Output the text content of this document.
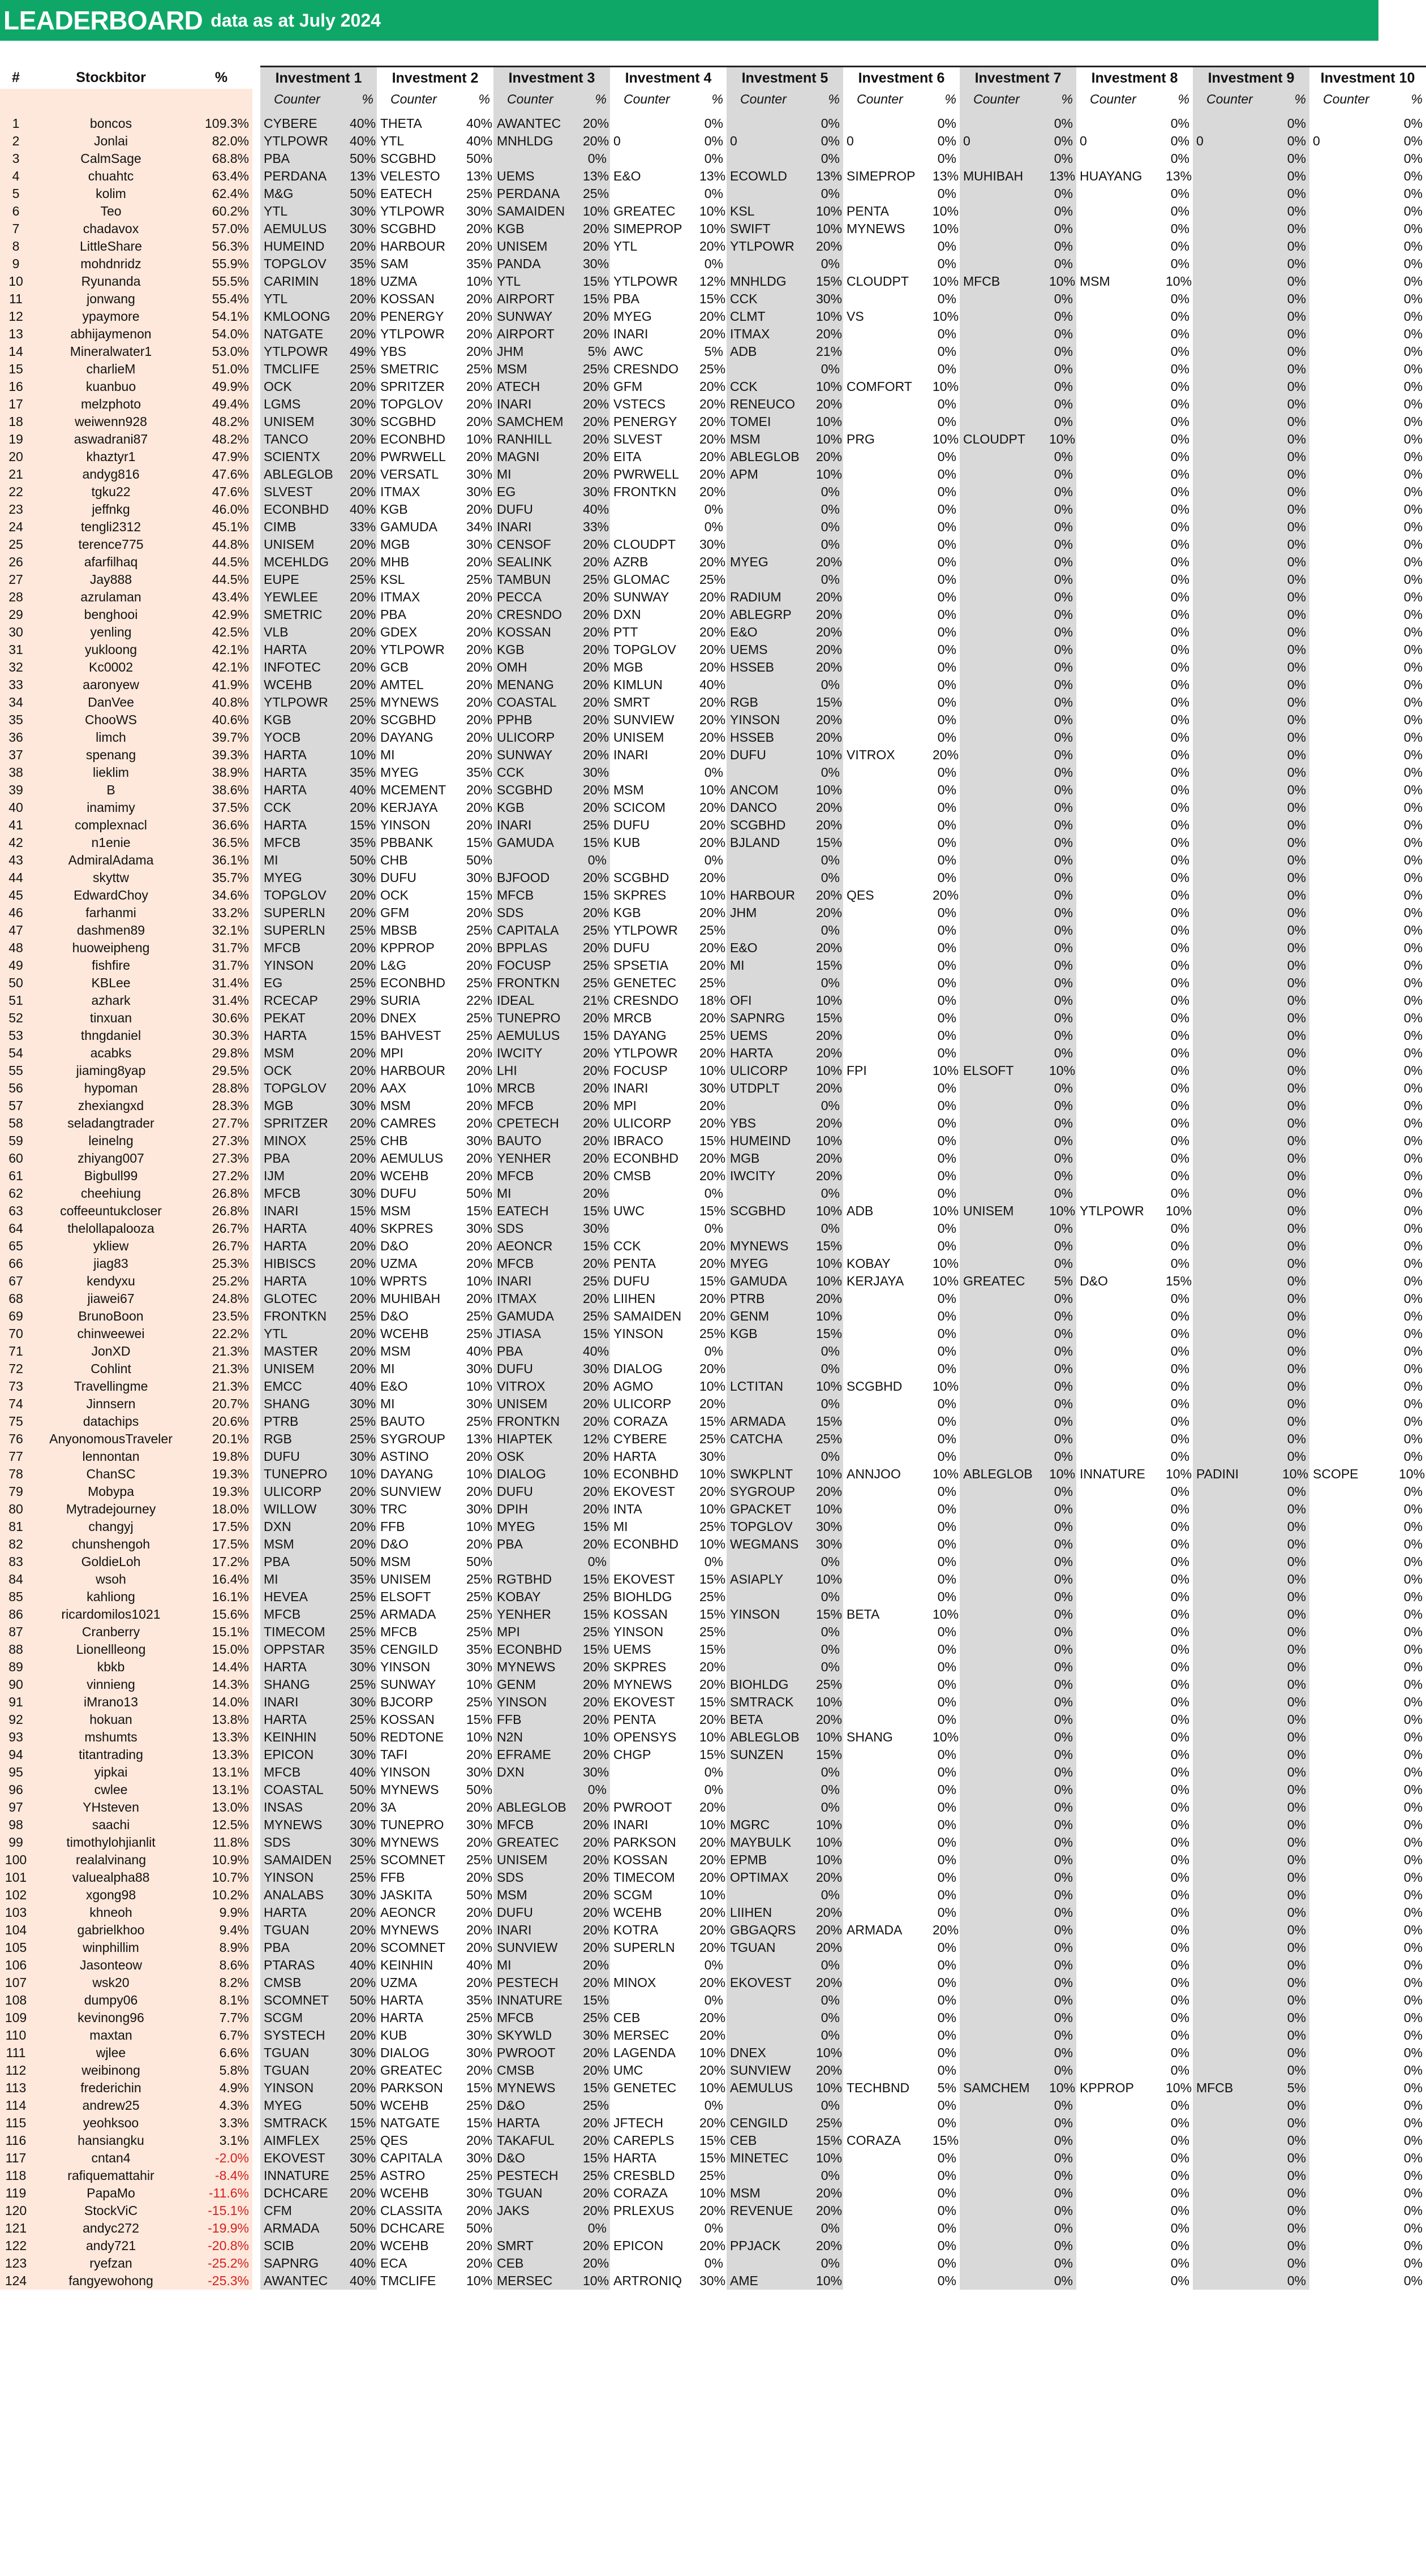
LEADERBOARD data as at July 2024
#	Stockbitor	%		Investment 1		Investment 2		Investment 3		Investment 4		Investment 5		Investment 6		Investment 7		Investment 8		Investment 9		Investment 10	
				Counter	%	Counter	%	Counter	%	Counter	%	Counter	%	Counter	%	Counter	%	Counter	%	Counter	%	Counter	%

1	boncos	109.3%		CYBERE	40%	THETA	40%	AWANTEC	20%		0%		0%		0%		0%		0%		0%		0%
2	Jonlai	82.0%		YTLPOWR	40%	YTL	40%	MNHLDG	20%	0	0%	0	0%	0	0%	0	0%	0	0%	0	0%	0	0%
3	CalmSage	68.8%		PBA	50%	SCGBHD	50%		0%		0%		0%		0%		0%		0%		0%		0%
4	chuahtc	63.4%		PERDANA	13%	VELESTO	13%	UEMS	13%	E&O	13%	ECOWLD	13%	SIMEPROP	13%	MUHIBAH	13%	HUAYANG	13%		0%		0%
5	kolim	62.4%		M&G	50%	EATECH	25%	PERDANA	25%		0%		0%		0%		0%		0%		0%		0%
6	Teo	60.2%		YTL	30%	YTLPOWR	30%	SAMAIDEN	10%	GREATEC	10%	KSL	10%	PENTA	10%		0%		0%		0%		0%
7	chadavox	57.0%		AEMULUS	30%	SCGBHD	20%	KGB	20%	SIMEPROP	10%	SWIFT	10%	MYNEWS	10%		0%		0%		0%		0%
8	LittleShare	56.3%		HUMEIND	20%	HARBOUR	20%	UNISEM	20%	YTL	20%	YTLPOWR	20%		0%		0%		0%		0%		0%
9	mohdnridz	55.9%		TOPGLOV	35%	SAM	35%	PANDA	30%		0%		0%		0%		0%		0%		0%		0%
10	Ryunanda	55.5%		CARIMIN	18%	UZMA	10%	YTL	15%	YTLPOWR	12%	MNHLDG	15%	CLOUDPT	10%	MFCB	10%	MSM	10%		0%		0%
11	jonwang	55.4%		YTL	20%	KOSSAN	20%	AIRPORT	15%	PBA	15%	CCK	30%		0%		0%		0%		0%		0%
12	ypaymore	54.1%		KMLOONG	20%	PENERGY	20%	SUNWAY	20%	MYEG	20%	CLMT	10%	VS	10%		0%		0%		0%		0%
13	abhijaymenon	54.0%		NATGATE	20%	YTLPOWR	20%	AIRPORT	20%	INARI	20%	ITMAX	20%		0%		0%		0%		0%		0%
14	Mineralwater1	53.0%		YTLPOWR	49%	YBS	20%	JHM	5%	AWC	5%	ADB	21%		0%		0%		0%		0%		0%
15	charlieM	51.0%		TMCLIFE	25%	SMETRIC	25%	MSM	25%	CRESNDO	25%		0%		0%		0%		0%		0%		0%
16	kuanbuo	49.9%		OCK	20%	SPRITZER	20%	ATECH	20%	GFM	20%	CCK	10%	COMFORT	10%		0%		0%		0%		0%
17	melzphoto	49.4%		LGMS	20%	TOPGLOV	20%	INARI	20%	VSTECS	20%	RENEUCO	20%		0%		0%		0%		0%		0%
18	weiwenn928	48.2%		UNISEM	30%	SCGBHD	20%	SAMCHEM	20%	PENERGY	20%	TOMEI	10%		0%		0%		0%		0%		0%
19	aswadrani87	48.2%		TANCO	20%	ECONBHD	10%	RANHILL	20%	SLVEST	20%	MSM	10%	PRG	10%	CLOUDPT	10%		0%		0%		0%
20	khaztyr1	47.9%		SCIENTX	20%	PWRWELL	20%	MAGNI	20%	EITA	20%	ABLEGLOB	20%		0%		0%		0%		0%		0%
21	andyg816	47.6%		ABLEGLOB	20%	VERSATL	30%	MI	20%	PWRWELL	20%	APM	10%		0%		0%		0%		0%		0%
22	tgku22	47.6%		SLVEST	20%	ITMAX	30%	EG	30%	FRONTKN	20%		0%		0%		0%		0%		0%		0%
23	jeffnkg	46.0%		ECONBHD	40%	KGB	20%	DUFU	40%		0%		0%		0%		0%		0%		0%		0%
24	tengli2312	45.1%		CIMB	33%	GAMUDA	34%	INARI	33%		0%		0%		0%		0%		0%		0%		0%
25	terence775	44.8%		UNISEM	20%	MGB	30%	CENSOF	20%	CLOUDPT	30%		0%		0%		0%		0%		0%		0%
26	afarfilhaq	44.5%		MCEHLDG	20%	MHB	20%	SEALINK	20%	AZRB	20%	MYEG	20%		0%		0%		0%		0%		0%
27	Jay888	44.5%		EUPE	25%	KSL	25%	TAMBUN	25%	GLOMAC	25%		0%		0%		0%		0%		0%		0%
28	azrulaman	43.4%		YEWLEE	20%	ITMAX	20%	PECCA	20%	SUNWAY	20%	RADIUM	20%		0%		0%		0%		0%		0%
29	benghooi	42.9%		SMETRIC	20%	PBA	20%	CRESNDO	20%	DXN	20%	ABLEGRP	20%		0%		0%		0%		0%		0%
30	yenling	42.5%		VLB	20%	GDEX	20%	KOSSAN	20%	PTT	20%	E&O	20%		0%		0%		0%		0%		0%
31	yukloong	42.1%		HARTA	20%	YTLPOWR	20%	KGB	20%	TOPGLOV	20%	UEMS	20%		0%		0%		0%		0%		0%
32	Kc0002	42.1%		INFOTEC	20%	GCB	20%	OMH	20%	MGB	20%	HSSEB	20%		0%		0%		0%		0%		0%
33	aaronyew	41.9%		WCEHB	20%	AMTEL	20%	MENANG	20%	KIMLUN	40%		0%		0%		0%		0%		0%		0%
34	DanVee	40.8%		YTLPOWR	25%	MYNEWS	20%	COASTAL	20%	SMRT	20%	RGB	15%		0%		0%		0%		0%		0%
35	ChooWS	40.6%		KGB	20%	SCGBHD	20%	PPHB	20%	SUNVIEW	20%	YINSON	20%		0%		0%		0%		0%		0%
36	limch	39.7%		YOCB	20%	DAYANG	20%	ULICORP	20%	UNISEM	20%	HSSEB	20%		0%		0%		0%		0%		0%
37	spenang	39.3%		HARTA	10%	MI	20%	SUNWAY	20%	INARI	20%	DUFU	10%	VITROX	20%		0%		0%		0%		0%
38	lieklim	38.9%		HARTA	35%	MYEG	35%	CCK	30%		0%		0%		0%		0%		0%		0%		0%
39	B	38.6%		HARTA	40%	MCEMENT	20%	SCGBHD	20%	MSM	10%	ANCOM	10%		0%		0%		0%		0%		0%
40	inamimy	37.5%		CCK	20%	KERJAYA	20%	KGB	20%	SCICOM	20%	DANCO	20%		0%		0%		0%		0%		0%
41	complexnacl	36.6%		HARTA	15%	YINSON	20%	INARI	25%	DUFU	20%	SCGBHD	20%		0%		0%		0%		0%		0%
42	n1enie	36.5%		MFCB	35%	PBBANK	15%	GAMUDA	15%	KUB	20%	BJLAND	15%		0%		0%		0%		0%		0%
43	AdmiralAdama	36.1%		MI	50%	CHB	50%		0%		0%		0%		0%		0%		0%		0%		0%
44	skyttw	35.7%		MYEG	30%	DUFU	30%	BJFOOD	20%	SCGBHD	20%		0%		0%		0%		0%		0%		0%
45	EdwardChoy	34.6%		TOPGLOV	20%	OCK	15%	MFCB	15%	SKPRES	10%	HARBOUR	20%	QES	20%		0%		0%		0%		0%
46	farhanmi	33.2%		SUPERLN	20%	GFM	20%	SDS	20%	KGB	20%	JHM	20%		0%		0%		0%		0%		0%
47	dashmen89	32.1%		SUPERLN	25%	MBSB	25%	CAPITALA	25%	YTLPOWR	25%		0%		0%		0%		0%		0%		0%
48	huoweipheng	31.7%		MFCB	20%	KPPROP	20%	BPPLAS	20%	DUFU	20%	E&O	20%		0%		0%		0%		0%		0%
49	fishfire	31.7%		YINSON	20%	L&G	20%	FOCUSP	25%	SPSETIA	20%	MI	15%		0%		0%		0%		0%		0%
50	KBLee	31.4%		EG	25%	ECONBHD	25%	FRONTKN	25%	GENETEC	25%		0%		0%		0%		0%		0%		0%
51	azhark	31.4%		RCECAP	29%	SURIA	22%	IDEAL	21%	CRESNDO	18%	OFI	10%		0%		0%		0%		0%		0%
52	tinxuan	30.6%		PEKAT	20%	DNEX	25%	TUNEPRO	20%	MRCB	20%	SAPNRG	15%		0%		0%		0%		0%		0%
53	thngdaniel	30.3%		HARTA	15%	BAHVEST	25%	AEMULUS	15%	DAYANG	25%	UEMS	20%		0%		0%		0%		0%		0%
54	acabks	29.8%		MSM	20%	MPI	20%	IWCITY	20%	YTLPOWR	20%	HARTA	20%		0%		0%		0%		0%		0%
55	jiaming8yap	29.5%		OCK	20%	HARBOUR	20%	LHI	20%	FOCUSP	10%	ULICORP	10%	FPI	10%	ELSOFT	10%		0%		0%		0%
56	hypoman	28.8%		TOPGLOV	20%	AAX	10%	MRCB	20%	INARI	30%	UTDPLT	20%		0%		0%		0%		0%		0%
57	zhexiangxd	28.3%		MGB	30%	MSM	20%	MFCB	20%	MPI	20%		0%		0%		0%		0%		0%		0%
58	seladangtrader	27.7%		SPRITZER	20%	CAMRES	20%	CPETECH	20%	ULICORP	20%	YBS	20%		0%		0%		0%		0%		0%
59	leinelng	27.3%		MINOX	25%	CHB	30%	BAUTO	20%	IBRACO	15%	HUMEIND	10%		0%		0%		0%		0%		0%
60	zhiyang007	27.3%		PBA	20%	AEMULUS	20%	YENHER	20%	ECONBHD	20%	MGB	20%		0%		0%		0%		0%		0%
61	Bigbull99	27.2%		IJM	20%	WCEHB	20%	MFCB	20%	CMSB	20%	IWCITY	20%		0%		0%		0%		0%		0%
62	cheehiung	26.8%		MFCB	30%	DUFU	50%	MI	20%		0%		0%		0%		0%		0%		0%		0%
63	coffeeuntukcloser	26.8%		INARI	15%	MSM	15%	EATECH	15%	UWC	15%	SCGBHD	10%	ADB	10%	UNISEM	10%	YTLPOWR	10%		0%		0%
64	thelollapalooza	26.7%		HARTA	40%	SKPRES	30%	SDS	30%		0%		0%		0%		0%		0%		0%		0%
65	ykliew	26.7%		HARTA	20%	D&O	20%	AEONCR	15%	CCK	20%	MYNEWS	15%		0%		0%		0%		0%		0%
66	jiag83	25.3%		HIBISCS	20%	UZMA	20%	MFCB	20%	PENTA	20%	MYEG	10%	KOBAY	10%		0%		0%		0%		0%
67	kendyxu	25.2%		HARTA	10%	WPRTS	10%	INARI	25%	DUFU	15%	GAMUDA	10%	KERJAYA	10%	GREATEC	5%	D&O	15%		0%		0%
68	jiawei67	24.8%		GLOTEC	20%	MUHIBAH	20%	ITMAX	20%	LIIHEN	20%	PTRB	20%		0%		0%		0%		0%		0%
69	BrunoBoon	23.5%		FRONTKN	25%	D&O	25%	GAMUDA	25%	SAMAIDEN	20%	GENM	10%		0%		0%		0%		0%		0%
70	chinweewei	22.2%		YTL	20%	WCEHB	25%	JTIASA	15%	YINSON	25%	KGB	15%		0%		0%		0%		0%		0%
71	JonXD	21.3%		MASTER	20%	MSM	40%	PBA	40%		0%		0%		0%		0%		0%		0%		0%
72	Cohlint	21.3%		UNISEM	20%	MI	30%	DUFU	30%	DIALOG	20%		0%		0%		0%		0%		0%		0%
73	Travellingme	21.3%		EMCC	40%	E&O	10%	VITROX	20%	AGMO	10%	LCTITAN	10%	SCGBHD	10%		0%		0%		0%		0%
74	Jinnsern	20.7%		SHANG	30%	MI	30%	UNISEM	20%	ULICORP	20%		0%		0%		0%		0%		0%		0%
75	datachips	20.6%		PTRB	25%	BAUTO	25%	FRONTKN	20%	CORAZA	15%	ARMADA	15%		0%		0%		0%		0%		0%
76	AnyonomousTraveler	20.1%		RGB	25%	SYGROUP	13%	HIAPTEK	12%	CYBERE	25%	CATCHA	25%		0%		0%		0%		0%		0%
77	lennontan	19.8%		DUFU	30%	ASTINO	20%	OSK	20%	HARTA	30%		0%		0%		0%		0%		0%		0%
78	ChanSC	19.3%		TUNEPRO	10%	DAYANG	10%	DIALOG	10%	ECONBHD	10%	SWKPLNT	10%	ANNJOO	10%	ABLEGLOB	10%	INNATURE	10%	PADINI	10%	SCOPE	10%
79	Mobypa	19.3%		ULICORP	20%	SUNVIEW	20%	DUFU	20%	EKOVEST	20%	SYGROUP	20%		0%		0%		0%		0%		0%
80	Mytradejourney	18.0%		WILLOW	30%	TRC	30%	DPIH	20%	INTA	10%	GPACKET	10%		0%		0%		0%		0%		0%
81	changyj	17.5%		DXN	20%	FFB	10%	MYEG	15%	MI	25%	TOPGLOV	30%		0%		0%		0%		0%		0%
82	chunshengoh	17.5%		MSM	20%	D&O	20%	PBA	20%	ECONBHD	10%	WEGMANS	30%		0%		0%		0%		0%		0%
83	GoldieLoh	17.2%		PBA	50%	MSM	50%		0%		0%		0%		0%		0%		0%		0%		0%
84	wsoh	16.4%		MI	35%	UNISEM	25%	RGTBHD	15%	EKOVEST	15%	ASIAPLY	10%		0%		0%		0%		0%		0%
85	kahliong	16.1%		HEVEA	25%	ELSOFT	25%	KOBAY	25%	BIOHLDG	25%		0%		0%		0%		0%		0%		0%
86	ricardomilos1021	15.6%		MFCB	25%	ARMADA	25%	YENHER	15%	KOSSAN	15%	YINSON	15%	BETA	10%		0%		0%		0%		0%
87	Cranberry	15.1%		TIMECOM	25%	MFCB	25%	MPI	25%	YINSON	25%		0%		0%		0%		0%		0%		0%
88	Lionellleong	15.0%		OPPSTAR	35%	CENGILD	35%	ECONBHD	15%	UEMS	15%		0%		0%		0%		0%		0%		0%
89	kbkb	14.4%		HARTA	30%	YINSON	30%	MYNEWS	20%	SKPRES	20%		0%		0%		0%		0%		0%		0%
90	vinnieng	14.3%		SHANG	25%	SUNWAY	10%	GENM	20%	MYNEWS	20%	BIOHLDG	25%		0%		0%		0%		0%		0%
91	iMrano13	14.0%		INARI	30%	BJCORP	25%	YINSON	20%	EKOVEST	15%	SMTRACK	10%		0%		0%		0%		0%		0%
92	hokuan	13.8%		HARTA	25%	KOSSAN	15%	FFB	20%	PENTA	20%	BETA	20%		0%		0%		0%		0%		0%
93	mshumts	13.3%		KEINHIN	50%	REDTONE	10%	N2N	10%	OPENSYS	10%	ABLEGLOB	10%	SHANG	10%		0%		0%		0%		0%
94	titantrading	13.3%		EPICON	30%	TAFI	20%	EFRAME	20%	CHGP	15%	SUNZEN	15%		0%		0%		0%		0%		0%
95	yipkai	13.1%		MFCB	40%	YINSON	30%	DXN	30%		0%		0%		0%		0%		0%		0%		0%
96	cwlee	13.1%		COASTAL	50%	MYNEWS	50%		0%		0%		0%		0%		0%		0%		0%		0%
97	YHsteven	13.0%		INSAS	20%	3A	20%	ABLEGLOB	20%	PWROOT	20%		0%		0%		0%		0%		0%		0%
98	saachi	12.5%		MYNEWS	30%	TUNEPRO	30%	MFCB	20%	INARI	10%	MGRC	10%		0%		0%		0%		0%		0%
99	timothylohjianlit	11.8%		SDS	30%	MYNEWS	20%	GREATEC	20%	PARKSON	20%	MAYBULK	10%		0%		0%		0%		0%		0%
100	realalvinang	10.9%		SAMAIDEN	25%	SCOMNET	25%	UNISEM	20%	KOSSAN	20%	EPMB	10%		0%		0%		0%		0%		0%
101	valuealpha88	10.7%		YINSON	25%	FFB	20%	SDS	20%	TIMECOM	20%	OPTIMAX	20%		0%		0%		0%		0%		0%
102	xgong98	10.2%		ANALABS	30%	JASKITA	50%	MSM	20%	SCGM	10%		0%		0%		0%		0%		0%		0%
103	khneoh	9.9%		HARTA	20%	AEONCR	20%	DUFU	20%	WCEHB	20%	LIIHEN	20%		0%		0%		0%		0%		0%
104	gabrielkhoo	9.4%		TGUAN	20%	MYNEWS	20%	INARI	20%	KOTRA	20%	GBGAQRS	20%	ARMADA	20%		0%		0%		0%		0%
105	winphillim	8.9%		PBA	20%	SCOMNET	20%	SUNVIEW	20%	SUPERLN	20%	TGUAN	20%		0%		0%		0%		0%		0%
106	Jasonteow	8.6%		PTARAS	40%	KEINHIN	40%	MI	20%		0%		0%		0%		0%		0%		0%		0%
107	wsk20	8.2%		CMSB	20%	UZMA	20%	PESTECH	20%	MINOX	20%	EKOVEST	20%		0%		0%		0%		0%		0%
108	dumpy06	8.1%		SCOMNET	50%	HARTA	35%	INNATURE	15%		0%		0%		0%		0%		0%		0%		0%
109	kevinong96	7.7%		SCGM	20%	HARTA	25%	MFCB	25%	CEB	20%		0%		0%		0%		0%		0%		0%
110	maxtan	6.7%		SYSTECH	20%	KUB	30%	SKYWLD	30%	MERSEC	20%		0%		0%		0%		0%		0%		0%
111	wjlee	6.6%		TGUAN	30%	DIALOG	30%	PWROOT	20%	LAGENDA	10%	DNEX	10%		0%		0%		0%		0%		0%
112	weibinong	5.8%		TGUAN	20%	GREATEC	20%	CMSB	20%	UMC	20%	SUNVIEW	20%		0%		0%		0%		0%		0%
113	frederichin	4.9%		YINSON	20%	PARKSON	15%	MYNEWS	15%	GENETEC	10%	AEMULUS	10%	TECHBND	5%	SAMCHEM	10%	KPPROP	10%	MFCB	5%		0%
114	andrew25	4.3%		MYEG	50%	WCEHB	25%	D&O	25%		0%		0%		0%		0%		0%		0%		0%
115	yeohksoo	3.3%		SMTRACK	15%	NATGATE	15%	HARTA	20%	JFTECH	20%	CENGILD	25%		0%		0%		0%		0%		0%
116	hansiangku	3.1%		AIMFLEX	25%	QES	20%	TAKAFUL	20%	CAREPLS	15%	CEB	15%	CORAZA	15%		0%		0%		0%		0%
117	cntan4	-2.0%		EKOVEST	30%	CAPITALA	30%	D&O	15%	HARTA	15%	MINETEC	10%		0%		0%		0%		0%		0%
118	rafiquemattahir	-8.4%		INNATURE	25%	ASTRO	25%	PESTECH	25%	CRESBLD	25%		0%		0%		0%		0%		0%		0%
119	PapaMo	-11.6%		DCHCARE	20%	WCEHB	30%	TGUAN	20%	CORAZA	10%	MSM	20%		0%		0%		0%		0%		0%
120	StockViC	-15.1%		CFM	20%	CLASSITA	20%	JAKS	20%	PRLEXUS	20%	REVENUE	20%		0%		0%		0%		0%		0%
121	andyc272	-19.9%		ARMADA	50%	DCHCARE	50%		0%		0%		0%		0%		0%		0%		0%		0%
122	andy721	-20.8%		SCIB	20%	WCEHB	20%	SMRT	20%	EPICON	20%	PPJACK	20%		0%		0%		0%		0%		0%
123	ryefzan	-25.2%		SAPNRG	40%	ECA	20%	CEB	20%		0%		0%		0%		0%		0%		0%		0%
124	fangyewohong	-25.3%		AWANTEC	40%	TMCLIFE	10%	MERSEC	10%	ARTRONIQ	30%	AME	10%		0%		0%		0%		0%		0%
